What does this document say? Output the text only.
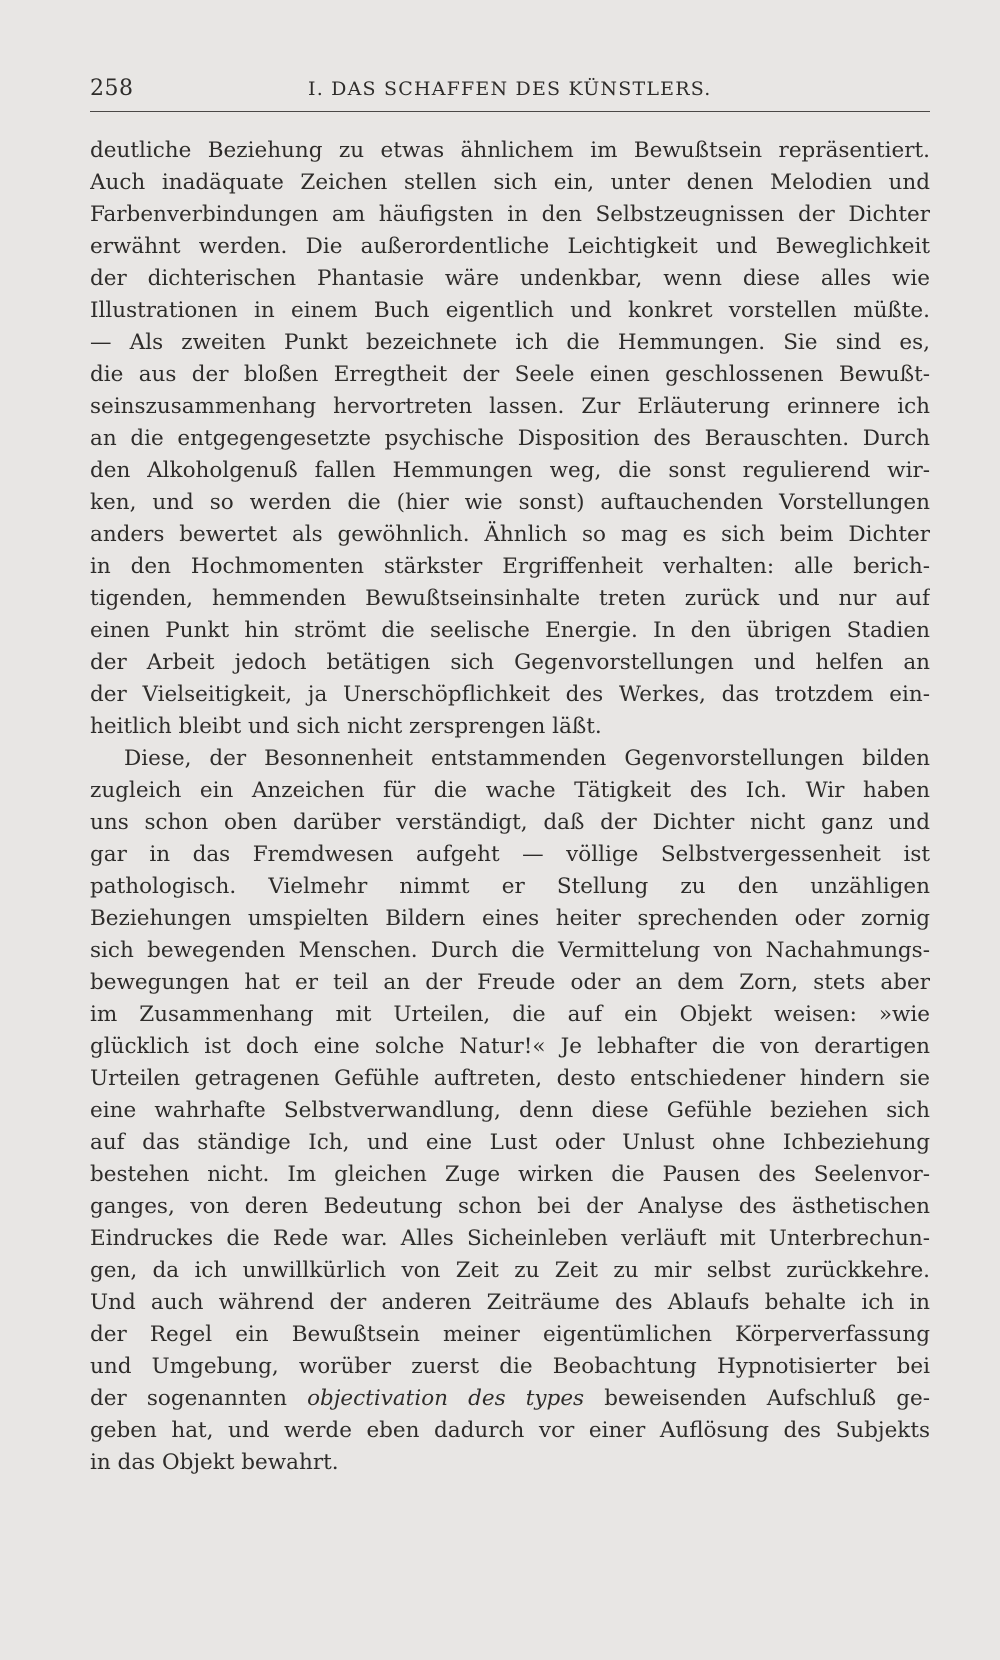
258	I. DAS SCHAFFEN DES KÜNSTLERS.
deutliche Beziehung zu etwas ähnlichem im Bewußtsein repräsentiert.
Auch inadäquate Zeichen stellen sich ein, unter denen Melodien und
Farbenverbindungen am häufigsten in den Selbstzeugnissen der Dichter
erwähnt werden. Die außerordentliche Leichtigkeit und Beweglichkeit
der dichterischen Phantasie wäre undenkbar, wenn diese alles wie
Illustrationen in einem Buch eigentlich und konkret vorstellen müßte.
— Als zweiten Punkt bezeichnete ich die Hemmungen. Sie sind es,
die aus der bloßen Erregtheit der Seele einen geschlossenen Bewußt-
seinszusammenhang hervortreten lassen. Zur Erläuterung erinnere ich
an die entgegengesetzte psychische Disposition des Berauschten. Durch
den Alkoholgenuß fallen Hemmungen weg, die sonst regulierend wir-
ken, und so werden die (hier wie sonst) auftauchenden Vorstellungen
anders bewertet als gewöhnlich. Ähnlich so mag es sich beim Dichter
in den Hochmomenten stärkster Ergriffenheit verhalten: alle berich-
tigenden, hemmenden Bewußtseinsinhalte treten zurück und nur auf
einen Punkt hin strömt die seelische Energie. In den übrigen Stadien
der Arbeit jedoch betätigen sich Gegenvorstellungen und helfen an
der Vielseitigkeit, ja Unerschöpflichkeit des Werkes, das trotzdem ein-
heitlich bleibt und sich nicht zersprengen läßt.
Diese, der Besonnenheit entstammenden Gegenvorstellungen bilden
zugleich ein Anzeichen für die wache Tätigkeit des Ich. Wir haben
uns schon oben darüber verständigt, daß der Dichter nicht ganz und
gar in das Fremdwesen aufgeht — völlige Selbstvergessenheit ist
pathologisch. Vielmehr nimmt er Stellung zu den unzähligen
Beziehungen umspielten Bildern eines heiter sprechenden oder zornig
sich bewegenden Menschen. Durch die Vermittelung von Nachahmungs-
bewegungen hat er teil an der Freude oder an dem Zorn, stets aber
im Zusammenhang mit Urteilen, die auf ein Objekt weisen: »wie
glücklich ist doch eine solche Natur!« Je lebhafter die von derartigen
Urteilen getragenen Gefühle auftreten, desto entschiedener hindern sie
eine wahrhafte Selbstverwandlung, denn diese Gefühle beziehen sich
auf das ständige Ich, und eine Lust oder Unlust ohne Ichbeziehung
bestehen nicht. Im gleichen Zuge wirken die Pausen des Seelenvor-
ganges, von deren Bedeutung schon bei der Analyse des ästhetischen
Eindruckes die Rede war. Alles Sicheinleben verläuft mit Unterbrechun-
gen, da ich unwillkürlich von Zeit zu Zeit zu mir selbst zurückkehre.
Und auch während der anderen Zeiträume des Ablaufs behalte ich in
der Regel ein Bewußtsein meiner eigentümlichen Körperverfassung
und Umgebung, worüber zuerst die Beobachtung Hypnotisierter bei
der sogenannten objectivation des types beweisenden Aufschluß ge-
geben hat, und werde eben dadurch vor einer Auflösung des Subjekts
in das Objekt bewahrt.
